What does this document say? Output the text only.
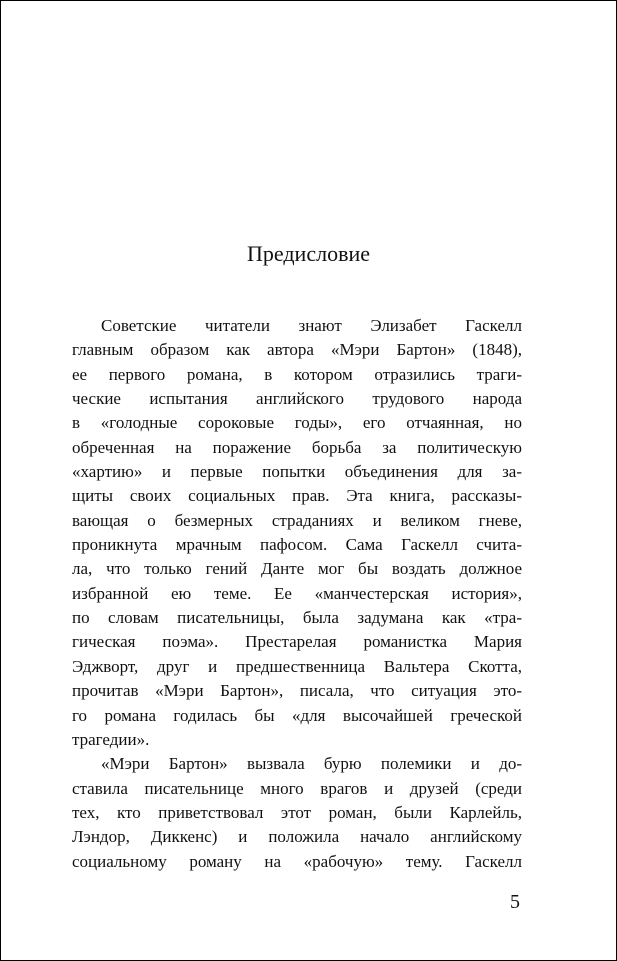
Предисловие
Советские читатели знают Элизабет Гаскелл
главным образом как автора «Мэри Бартон» (1848),
ее первого романа, в котором отразились траги-
ческие испытания английского трудового народа
в «голодные сороковые годы», его отчаянная, но
обреченная на поражение борьба за политическую
«хартию» и первые попытки объединения для за-
щиты своих социальных прав. Эта книга, рассказы-
вающая о безмерных страданиях и великом гневе,
проникнута мрачным пафосом. Сама Гаскелл счита-
ла, что только гений Данте мог бы воздать должное
избранной ею теме. Ее «манчестерская история»,
по словам писательницы, была задумана как «тра-
гическая поэма». Престарелая романистка Мария
Эджворт, друг и предшественница Вальтера Скотта,
прочитав «Мэри Бартон», писала, что ситуация это-
го романа годилась бы «для высочайшей греческой
трагедии».
«Мэри Бартон» вызвала бурю полемики и до-
ставила писательнице много врагов и друзей (среди
тех, кто приветствовал этот роман, были Карлейль,
Лэндор, Диккенс) и положила начало английскому
социальному роману на «рабочую» тему. Гаскелл
5
